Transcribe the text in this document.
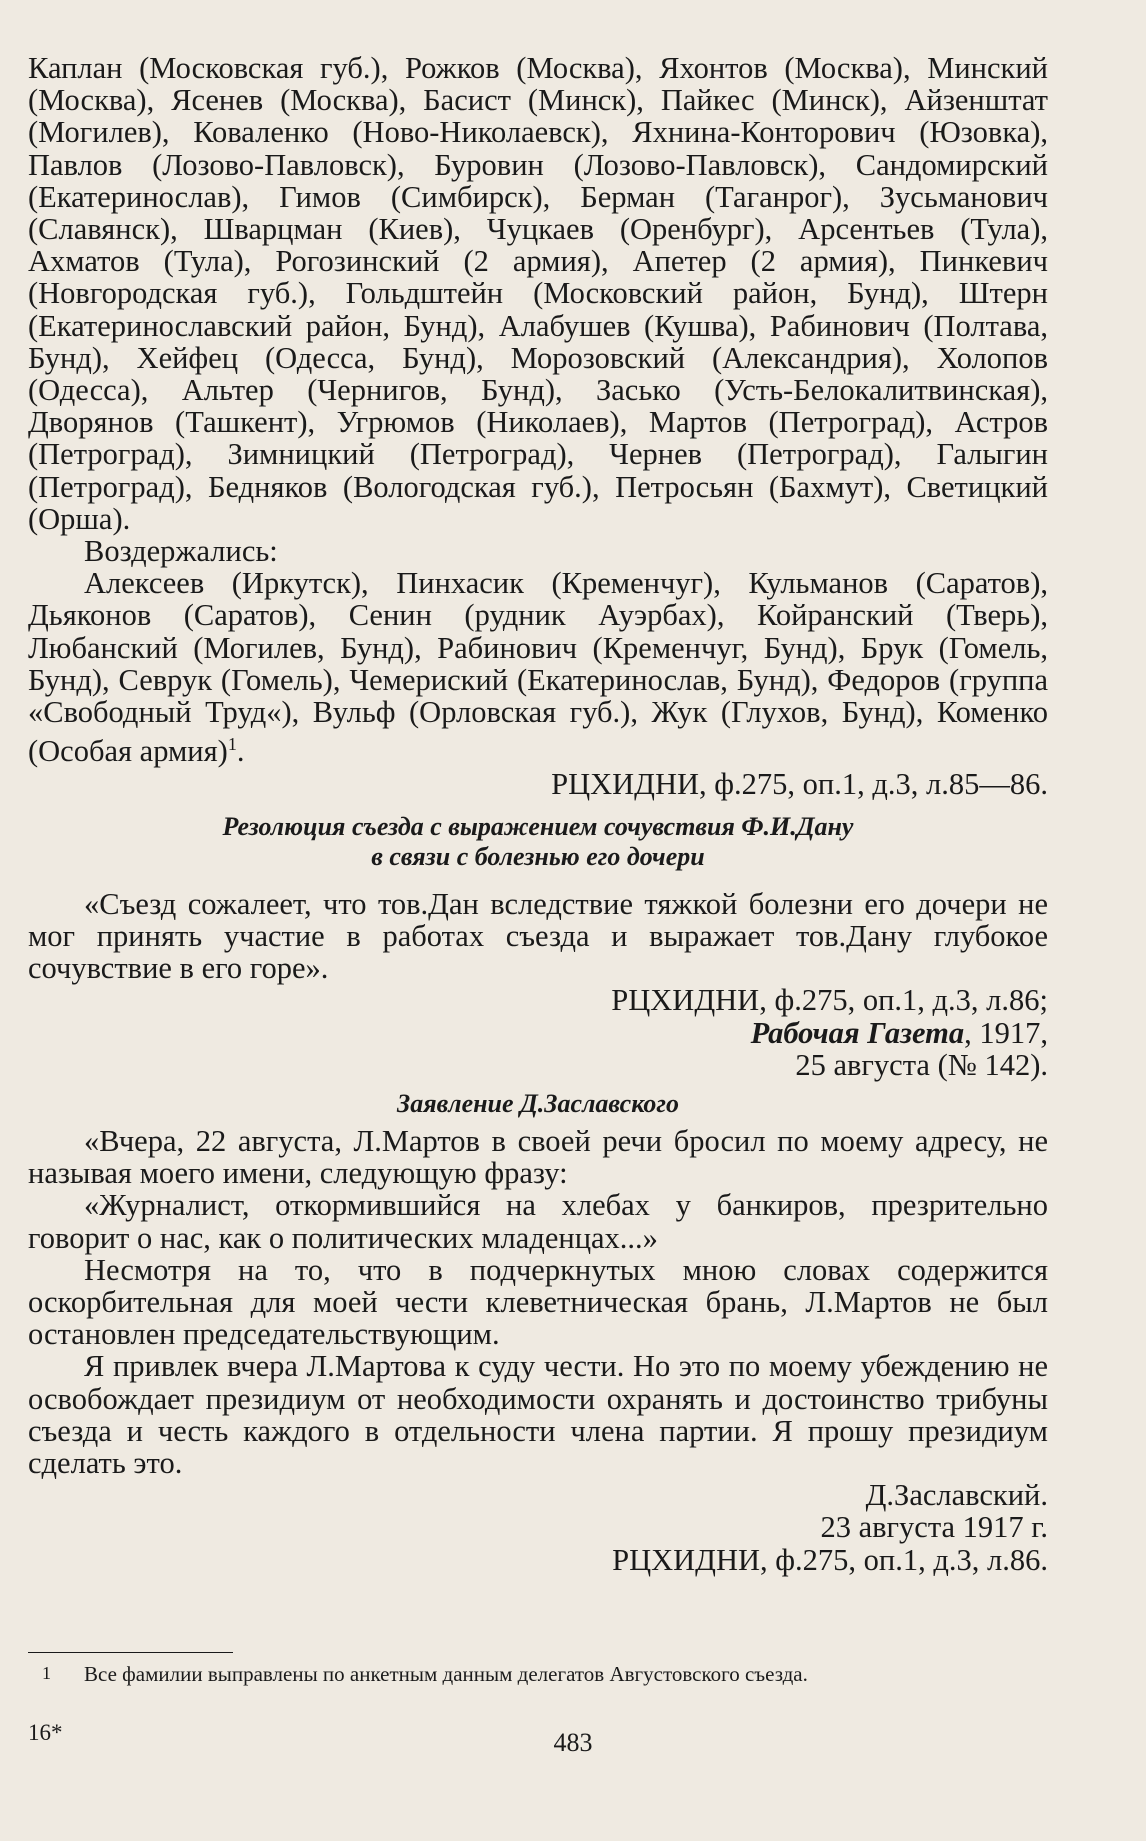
Каплан (Московская губ.), Рожков (Москва), Яхонтов (Москва), Минский (Москва), Ясенев (Москва), Басист (Минск), Пайкес (Минск), Айзенштат (Могилев), Коваленко (Ново-Николаевск), Яхнина-Конторович (Юзовка), Павлов (Лозово-Павловск), Буровин (Лозово-Павловск), Сандомирский (Екатеринослав), Гимов (Симбирск), Берман (Таганрог), Зусьманович (Славянск), Шварцман (Киев), Чуцкаев (Оренбург), Арсентьев (Тула), Ахматов (Тула), Рогозинский (2 армия), Апетер (2 армия), Пинкевич (Новгородская губ.), Гольдштейн (Московский район, Бунд), Штерн (Екатеринославский район, Бунд), Алабушев (Кушва), Рабинович (Полтава, Бунд), Хейфец (Одесса, Бунд), Морозовский (Александрия), Холопов (Одесса), Альтер (Чернигов, Бунд), Засько (Усть-Белокалитвинская), Дворянов (Ташкент), Угрюмов (Николаев), Мартов (Петроград), Астров (Петроград), Зимницкий (Петроград), Чернев (Петроград), Галыгин (Петроград), Бедняков (Вологодская губ.), Петросьян (Бахмут), Светицкий (Орша).

Воздержались:

Алексеев (Иркутск), Пинхасик (Кременчуг), Кульманов (Саратов), Дьяконов (Саратов), Сенин (рудник Ауэрбах), Койранский (Тверь), Любанский (Могилев, Бунд), Рабинович (Кременчуг, Бунд), Брук (Гомель, Бунд), Севрук (Гомель), Чемериский (Екатеринослав, Бунд), Федоров (группа «Свободный Труд«), Вульф (Орловская губ.), Жук (Глухов, Бунд), Коменко (Особая армия)$^1$.

РЦХИДНИ, ф.275, оп.1, д.3, л.85—86.

Резолюция съезда с выражением сочувствия Ф.И.Дану
в связи с болезнью его дочери

«Съезд сожалеет, что тов.Дан вследствие тяжкой болезни его дочери не мог принять участие в работах съезда и выражает тов.Дану глубокое сочувствие в его горе».

РЦХИДНИ, ф.275, оп.1, д.3, л.86;

Рабочая Газета, 1917,

25 августа (№ 142).

Заявление Д.Заславского

«Вчера, 22 августа, Л.Мартов в своей речи бросил по моему адресу, не называя моего имени, следующую фразу:

«Журналист, откормившийся на хлебах у банкиров, презрительно говорит о нас, как о политических младенцах...»

Несмотря на то, что в подчеркнутых мною словах содержится оскорбительная для моей чести клеветническая брань, Л.Мартов не был остановлен председательствующим.

Я привлек вчера Л.Мартова к суду чести. Но это по моему убеждению не освобождает президиум от необходимости охранять и достоинство трибуны съезда и честь каждого в отдельности члена партии. Я прошу президиум сделать это.

Д.Заславский.

23 августа 1917 г.

РЦХИДНИ, ф.275, оп.1, д.3, л.86.

1 Все фамилии выправлены по анкетным данным делегатов Августовского съезда.
16*	483
